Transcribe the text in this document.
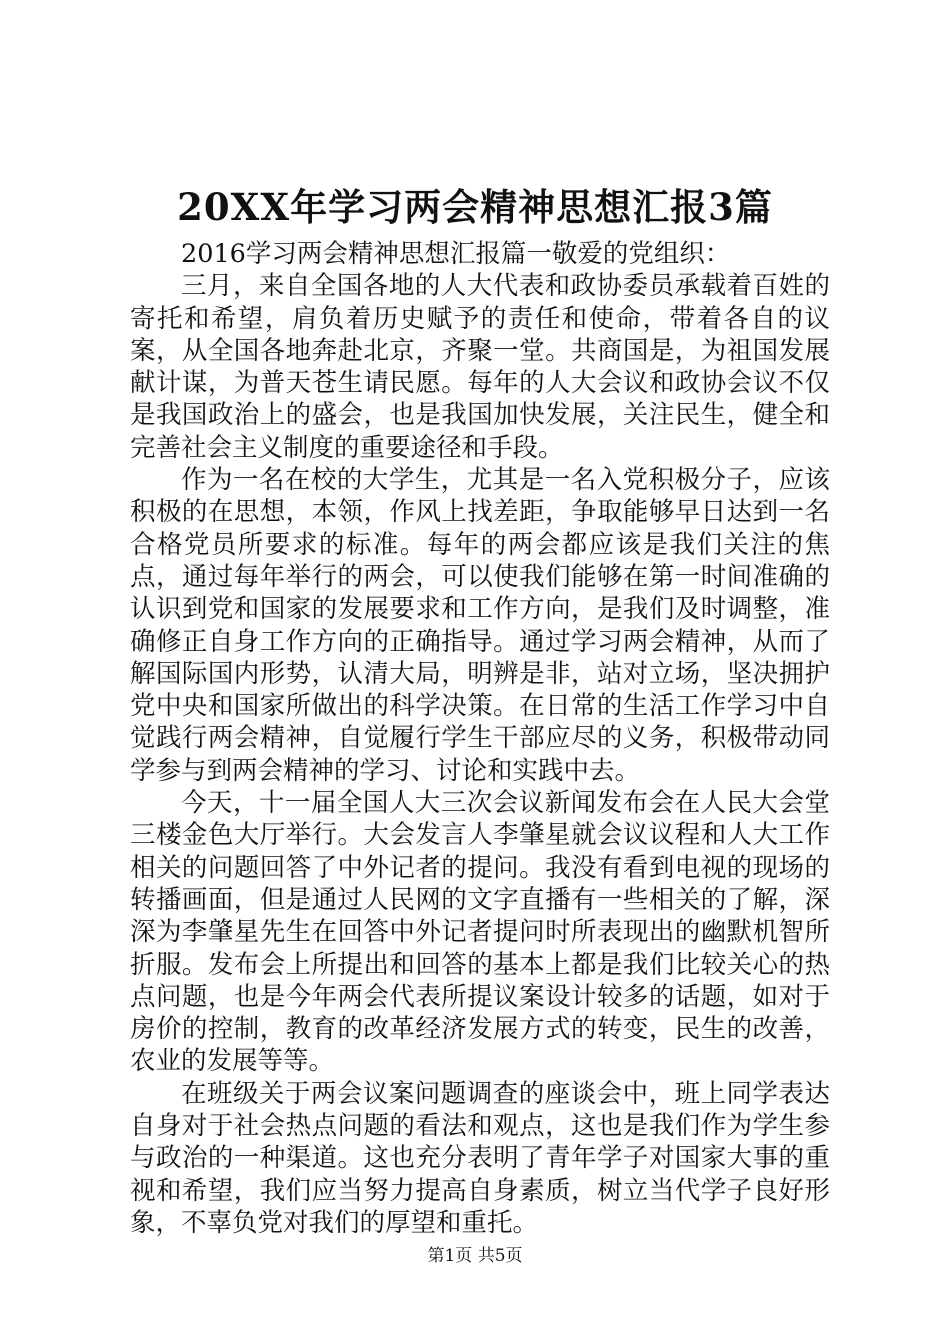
20XX年学习两会精神思想汇报3篇

2016学习两会精神思想汇报篇一敬爱的党组织：

三月，来自全国各地的人大代表和政协委员承载着百姓的寄托和希望，肩负着历史赋予的责任和使命，带着各自的议案，从全国各地奔赴北京，齐聚一堂。共商国是，为祖国发展献计谋，为普天苍生请民愿。每年的人大会议和政协会议不仅是我国政治上的盛会，也是我国加快发展，关注民生，健全和完善社会主义制度的重要途径和手段。

作为一名在校的大学生，尤其是一名入党积极分子，应该积极的在思想，本领，作风上找差距，争取能够早日达到一名合格党员所要求的标准。每年的两会都应该是我们关注的焦点，通过每年举行的两会，可以使我们能够在第一时间准确的认识到党和国家的发展要求和工作方向，是我们及时调整，准确修正自身工作方向的正确指导。通过学习两会精神，从而了解国际国内形势，认清大局，明辨是非，站对立场，坚决拥护党中央和国家所做出的科学决策。在日常的生活工作学习中自觉践行两会精神，自觉履行学生干部应尽的义务，积极带动同学参与到两会精神的学习、讨论和实践中去。

今天，十一届全国人大三次会议新闻发布会在人民大会堂三楼金色大厅举行。大会发言人李肇星就会议议程和人大工作相关的问题回答了中外记者的提问。我没有看到电视的现场的转播画面，但是通过人民网的文字直播有一些相关的了解，深深为李肇星先生在回答中外记者提问时所表现出的幽默机智所折服。发布会上所提出和回答的基本上都是我们比较关心的热点问题，也是今年两会代表所提议案设计较多的话题，如对于房价的控制，教育的改革经济发展方式的转变，民生的改善，农业的发展等等。

在班级关于两会议案问题调查的座谈会中，班上同学表达自身对于社会热点问题的看法和观点，这也是我们作为学生参与政治的一种渠道。这也充分表明了青年学子对国家大事的重视和希望，我们应当努力提高自身素质，树立当代学子良好形象，不辜负党对我们的厚望和重托。

第1页 共5页
